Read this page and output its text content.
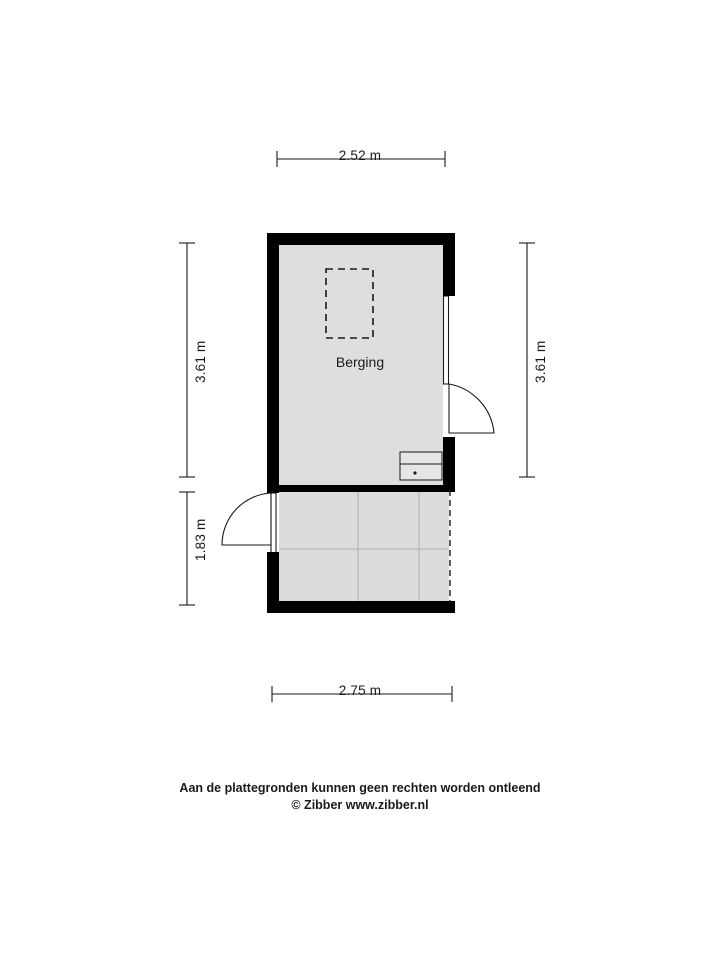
2.52 m
2.75 m
3.61 m
1.83 m
3.61 m
Berging
Aan de plattegronden kunnen geen rechten worden ontleend
© Zibber www.zibber.nl
